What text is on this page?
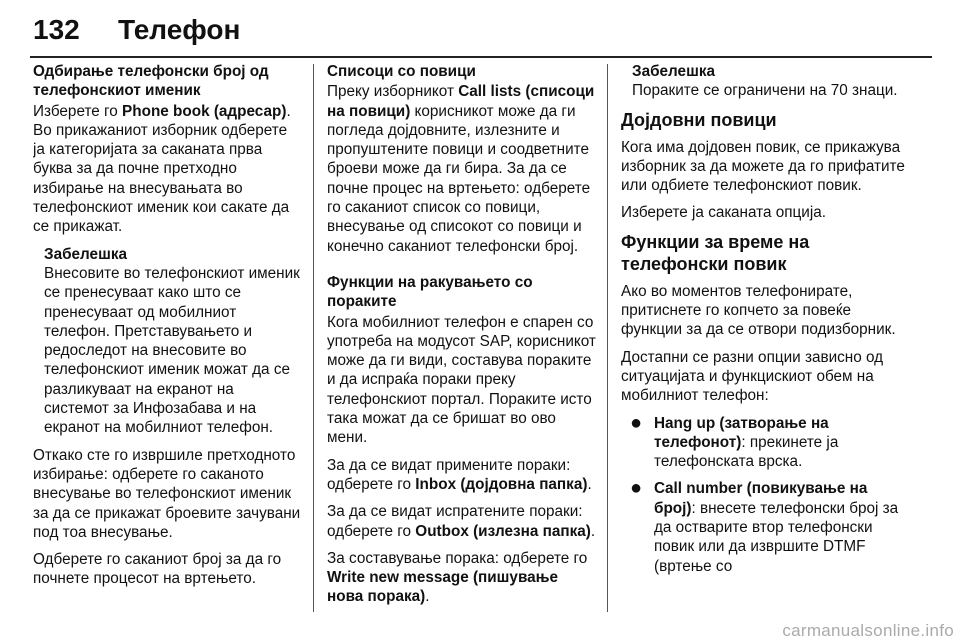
132 Телефон
Одбирање телефонски број од телефонскиот именик
Изберете го Phone book (адресар). Во прикажаниот изборник одберете ја категоријата за сакaната прва буква за да почне претходно избирање на внесувањата во телефонскиот именик кои сакате да се прикажат.
Забелешка
Внесовите во телефонскиот именик се пренесуваат како што се пренесуваат од мобилниот телефон. Претставувањето и редоследот на внесовите во телефонскиот именик можат да се разликуваат на екранот на системот за Инфозабава и на екранот на мобилниот телефон.
Откако сте го извршиле претходното избирање: одберете го сакaното внесување во телефонскиот именик за да се прикажат броевите зачувани под тоа внесување.
Одберете го сакaниот број за да го почнете процесот на вртењето.
Списоци со повици
Преку изборникот Call lists (списоци на повици) корисникот може да ги погледа дојдовните, излезните и пропуштените повици и соодветните броеви може да ги бира. За да се почне процес на вртењето: одберете го сакaниот список со повици, внесување од списокот со повици и конечно сакaниот телефонски број.
Функции на ракувањето со пораките
Кога мобилниот телефон е спарен со употреба на модусот SAP, корисникот може да ги види, составува пораките и да испраќа пораки преку телефонскиот портал. Пораките исто така можат да се бришат во ово мени.
За да се видат примените пораки: одберете го Inbox (дојдовна папка).
За да се видат испратените пораки: одберете го Outbox (излезна папка).
За составување порака: одберете го Write new message (пишување нова порака).
Забелешка
Пораките се ограничени на 70 знаци.
Дојдовни повици
Кога има дојдовен повик, се прикажува изборник за да можете да го прифатите или одбиете телефонскиот повик.
Изберете ја сакaната опција.
Функции за време на телефонски повик
Ако во моментов телефонирате, притиснете го копчето за повеќе функции за да се отвори подизборник.
Достапни се разни опции зависно од ситуацијата и функцискиот обем на мобилниот телефон:
● Hang up (затворање на телефонот): прекинете ја телефонската врска.
● Call number (повикување на број): внесете телефонски број за да остварите втор телефонски повик или да извршите DTMF (вртење со
carmanualsonline.info
